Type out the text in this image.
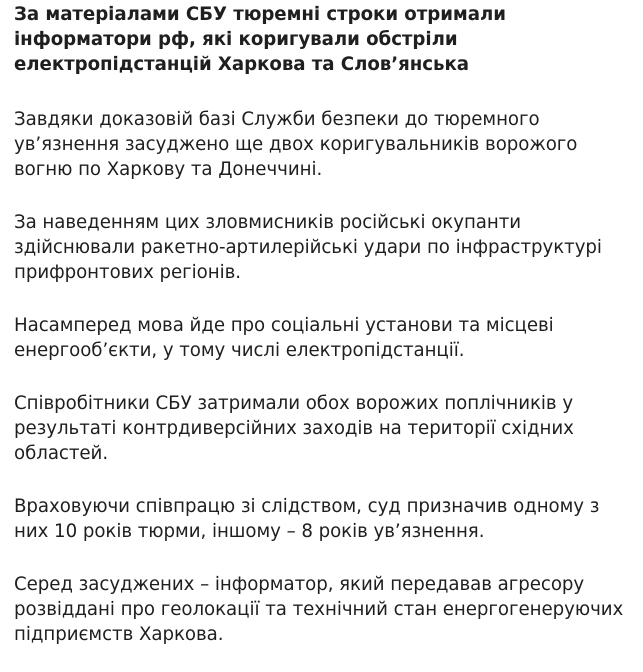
За матеріалами СБУ тюремні строки отримали інформатори рф, які коригували обстріли електропідстанцій Харкова та Слов’янська

Завдяки доказовій базі Служби безпеки до тюремного ув’язнення засуджено ще двох коригувальників ворожого вогню по Харкову та Донеччині.

За наведенням цих зловмисників російські окупанти здійснювали ракетно-артилерійські удари по інфраструктурі прифронтових регіонів.

Насамперед мова йде про соціальні установи та місцеві енергооб’єкти, у тому числі електропідстанції.

Співробітники СБУ затримали обох ворожих поплічників у результаті контрдиверсійних заходів на території східних областей.

Враховуючи співпрацю зі слідством, суд призначив одному з них 10 років тюрми, іншому – 8 років ув’язнення.

Серед засуджених – інформатор, який передавав агресору розвіддані про геолокації та технічний стан енергогенеруючих підприємств Харкова.
